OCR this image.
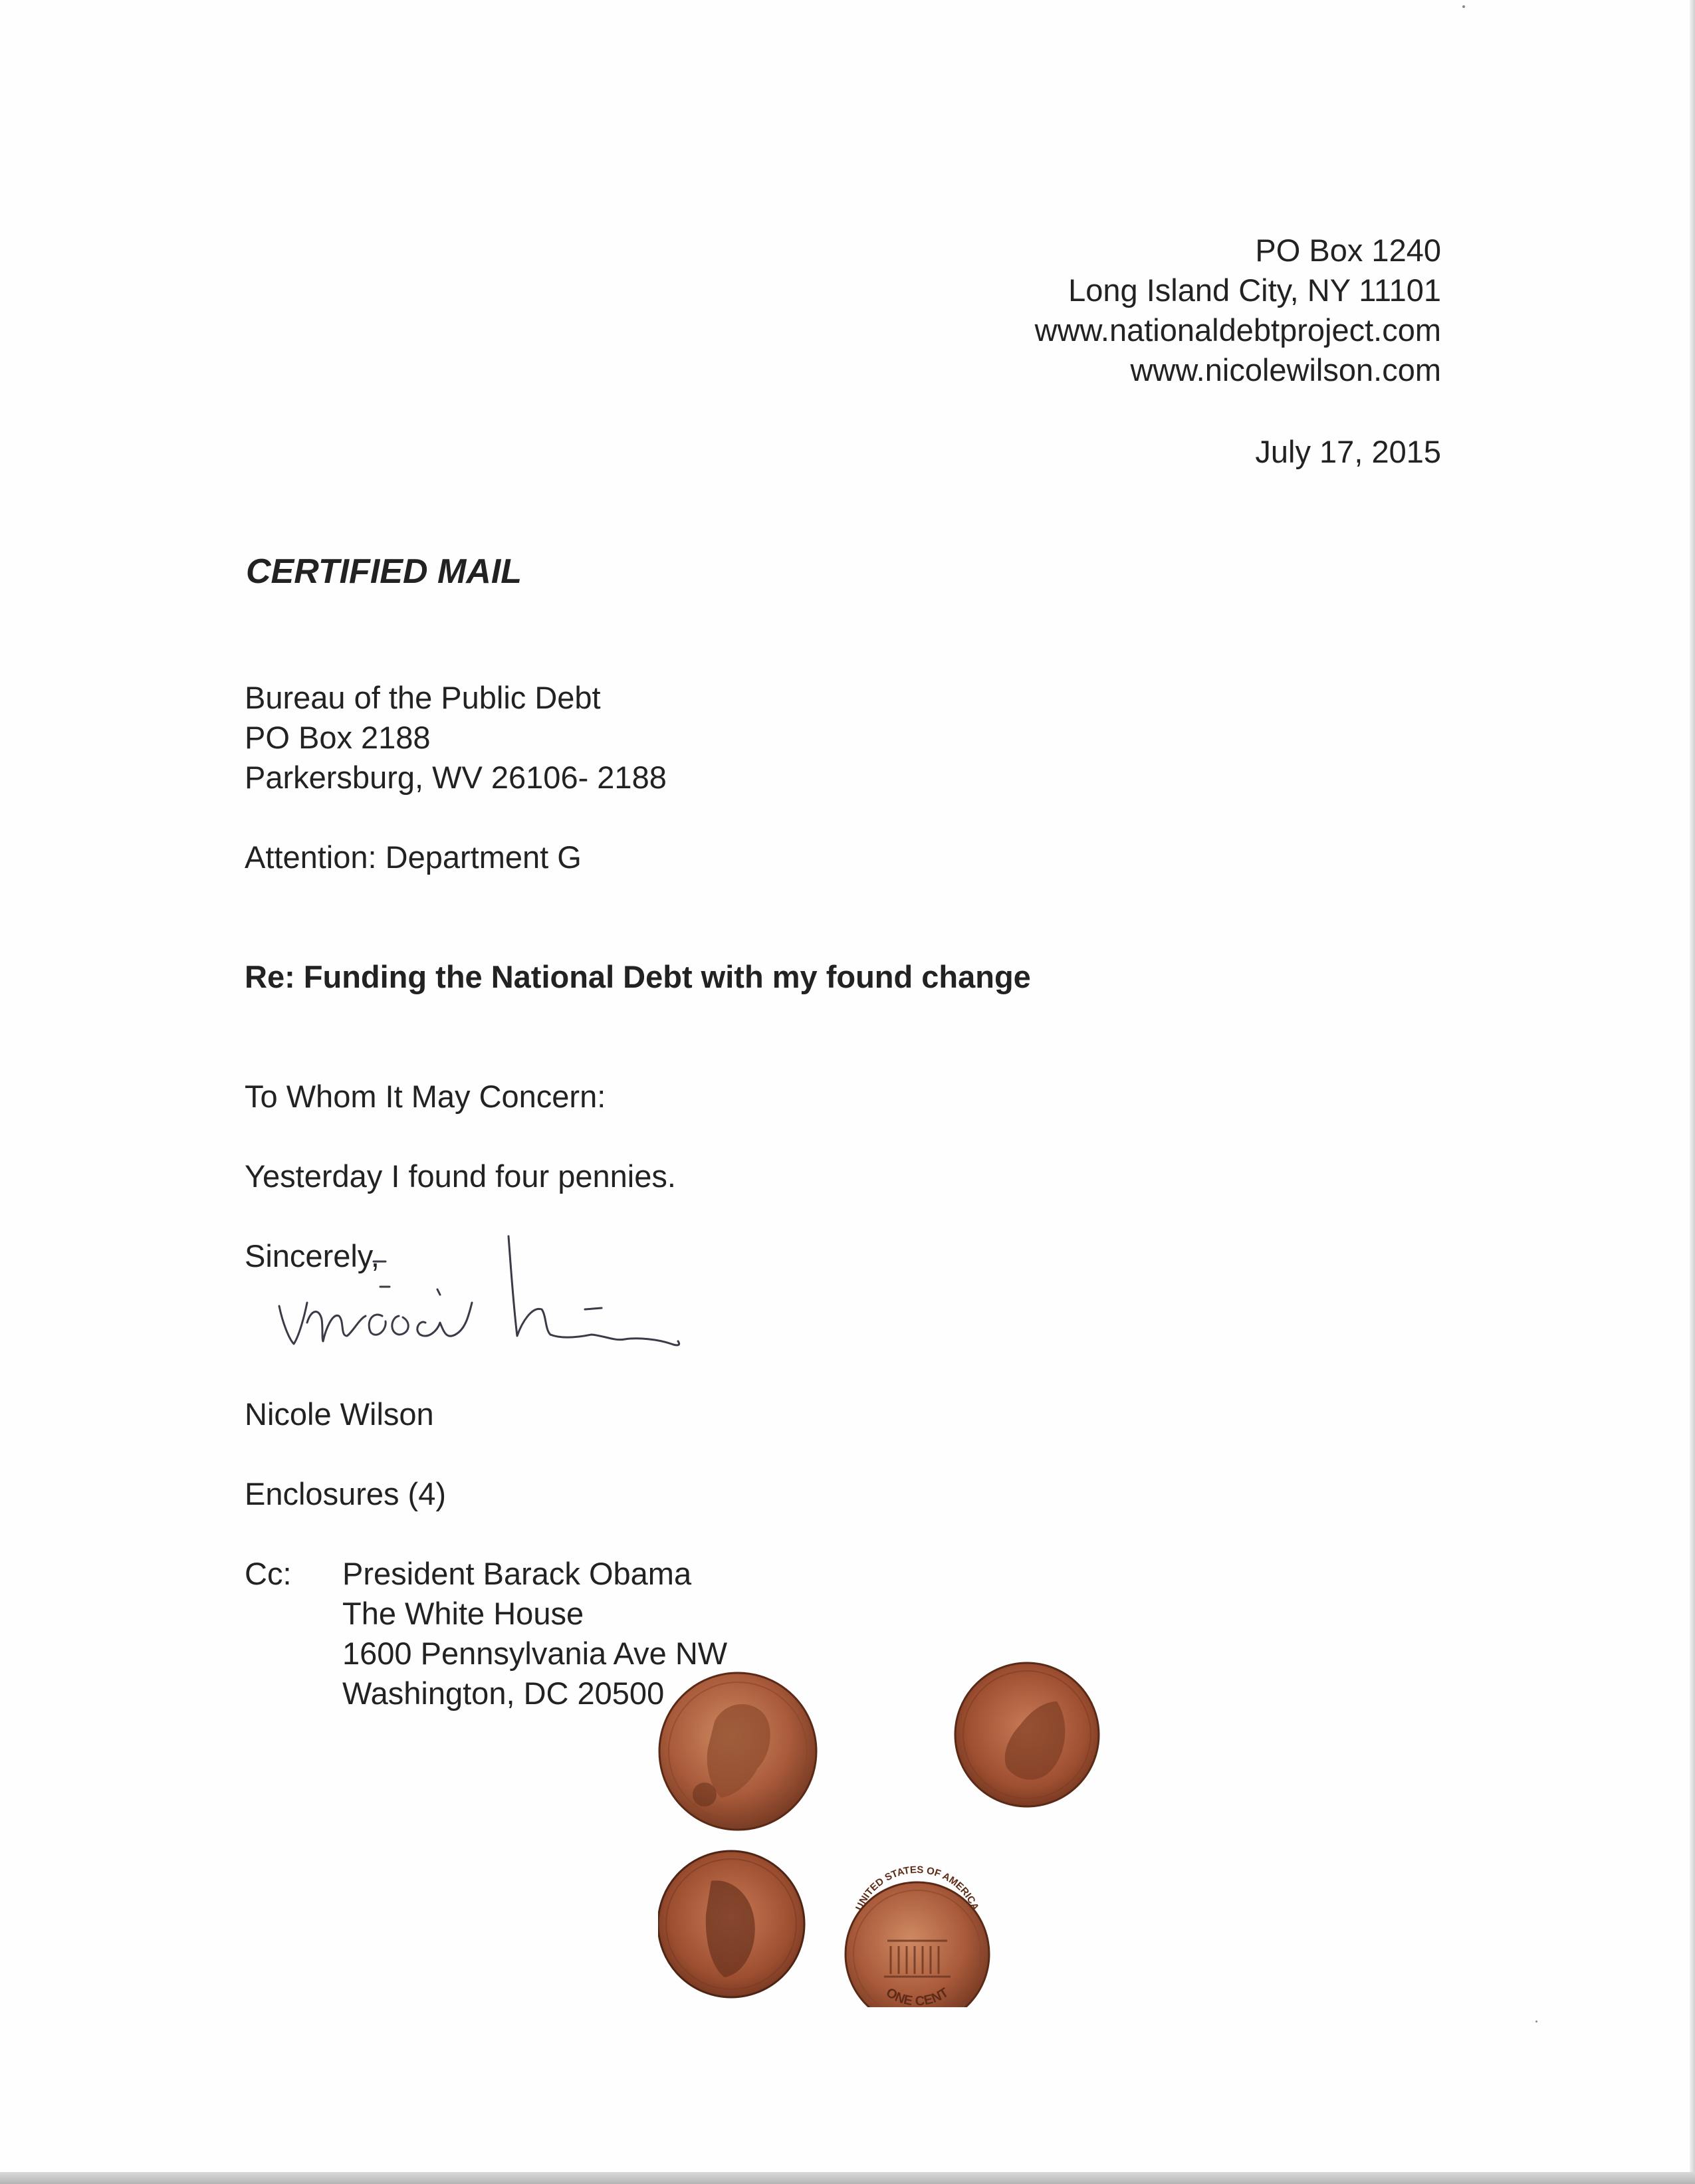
PO Box 1240
Long Island City, NY 11101
www.nationaldebtproject.com
www.nicolewilson.com
July 17, 2015
CERTIFIED MAIL
Bureau of the Public Debt
PO Box 2188
Parkersburg, WV 26106- 2188
Attention: Department G
Re: Funding the National Debt with my found change
To Whom It May Concern:
Yesterday I found four pennies.
Sincerely,
Nicole Wilson
Enclosures (4)
Cc: President Barack Obama
The White House
1600 Pennsylvania Ave NW
Washington, DC 20500
UNITED STATES OF AMERICA
ONE CENT
